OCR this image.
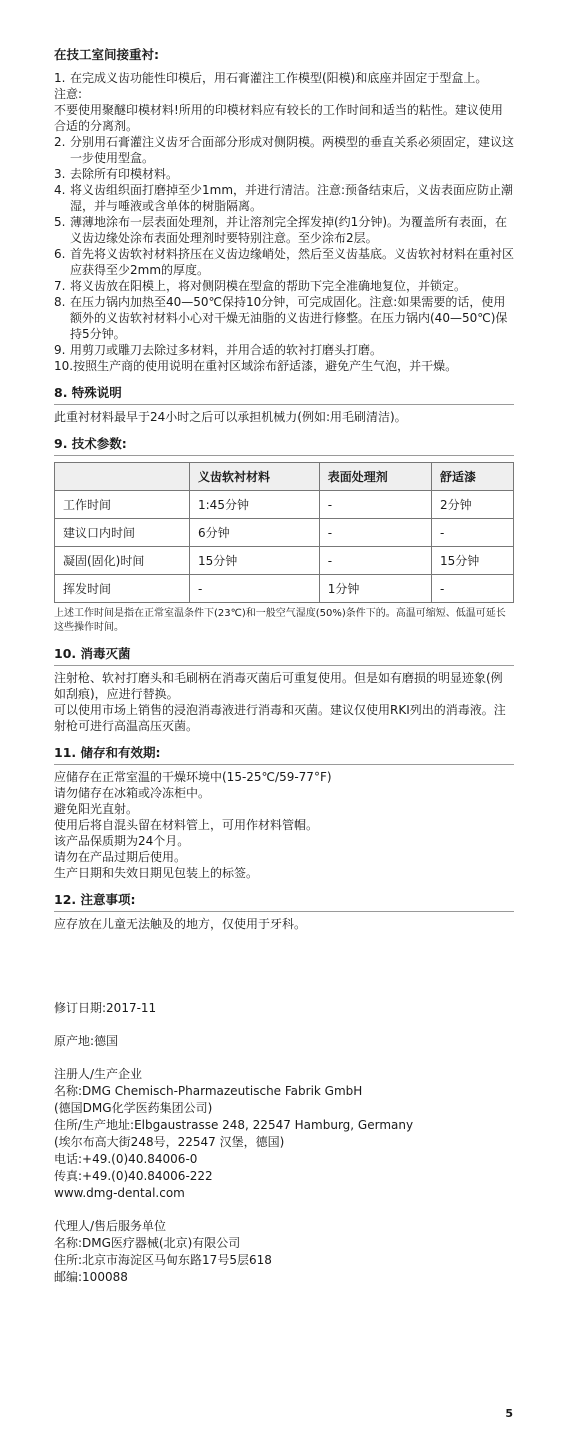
在技工室间接重衬:
1. 在完成义齿功能性印模后，用石膏灌注工作模型(阳模)和底座并固定于型盒上。
注意:
不要使用聚醚印模材料!所用的印模材料应有较长的工作时间和适当的粘性。建议使用合适的分离剂。
2. 分别用石膏灌注义齿牙合面部分形成对侧阴模。两模型的垂直关系必须固定，建议这一步使用型盒。
3. 去除所有印模材料。
4. 将义齿组织面打磨掉至少1mm，并进行清洁。注意:预备结束后，义齿表面应防止潮湿，并与唾液或含单体的树脂隔离。
5. 薄薄地涂布一层表面处理剂，并让溶剂完全挥发掉(约1分钟)。为覆盖所有表面，在义齿边缘处涂布表面处理剂时要特别注意。至少涂布2层。
6. 首先将义齿软衬材料挤压在义齿边缘峭处，然后至义齿基底。义齿软衬材料在重衬区应获得至少2mm的厚度。
7. 将义齿放在阳模上，将对侧阴模在型盒的帮助下完全准确地复位，并锁定。
8. 在压力锅内加热至40—50℃保持10分钟，可完成固化。注意:如果需要的话，使用额外的义齿软衬材料小心对干燥无油脂的义齿进行修整。在压力锅内(40—50℃)保持5分钟。
9. 用剪刀或雕刀去除过多材料，并用合适的软衬打磨头打磨。
10. 按照生产商的使用说明在重衬区域涂布舒适漆，避免产生气泡，并干燥。
8. 特殊说明
此重衬材料最早于24小时之后可以承担机械力(例如:用毛刷清洁)。
9. 技术参数:
	义齿软衬材料	表面处理剂	舒适漆
工作时间	1:45分钟	-	2分钟
建议口内时间	6分钟	-	-
凝固(固化)时间	15分钟	-	15分钟
挥发时间	-	1分钟	-
上述工作时间是指在正常室温条件下(23℃)和一般空气湿度(50%)条件下的。高温可缩短、低温可延长这些操作时间。
10. 消毒灭菌
注射枪、软衬打磨头和毛刷柄在消毒灭菌后可重复使用。但是如有磨损的明显迹象(例如刮痕)，应进行替换。
可以使用市场上销售的浸泡消毒液进行消毒和灭菌。建议仅使用RKI列出的消毒液。注射枪可进行高温高压灭菌。
11. 储存和有效期:
应储存在正常室温的干燥环境中(15-25℃/59-77°F)
请勿储存在冰箱或冷冻柜中。
避免阳光直射。
使用后将自混头留在材料管上，可用作材料管帽。
该产品保质期为24个月。
请勿在产品过期后使用。
生产日期和失效日期见包装上的标签。
12. 注意事项:
应存放在儿童无法触及的地方，仅使用于牙科。
修订日期:2017-11
原产地:德国
注册人/生产企业
名称:DMG Chemisch-Pharmazeutische Fabrik GmbH
(德国DMG化学医药集团公司)
住所/生产地址:Elbgaustrasse 248, 22547 Hamburg, Germany
(埃尔布高大街248号，22547 汉堡，德国)
电话:+49.(0)40.84006-0
传真:+49.(0)40.84006-222
www.dmg-dental.com
代理人/售后服务单位
名称:DMG医疗器械(北京)有限公司
住所:北京市海淀区马甸东路17号5层618
邮编:100088
5
